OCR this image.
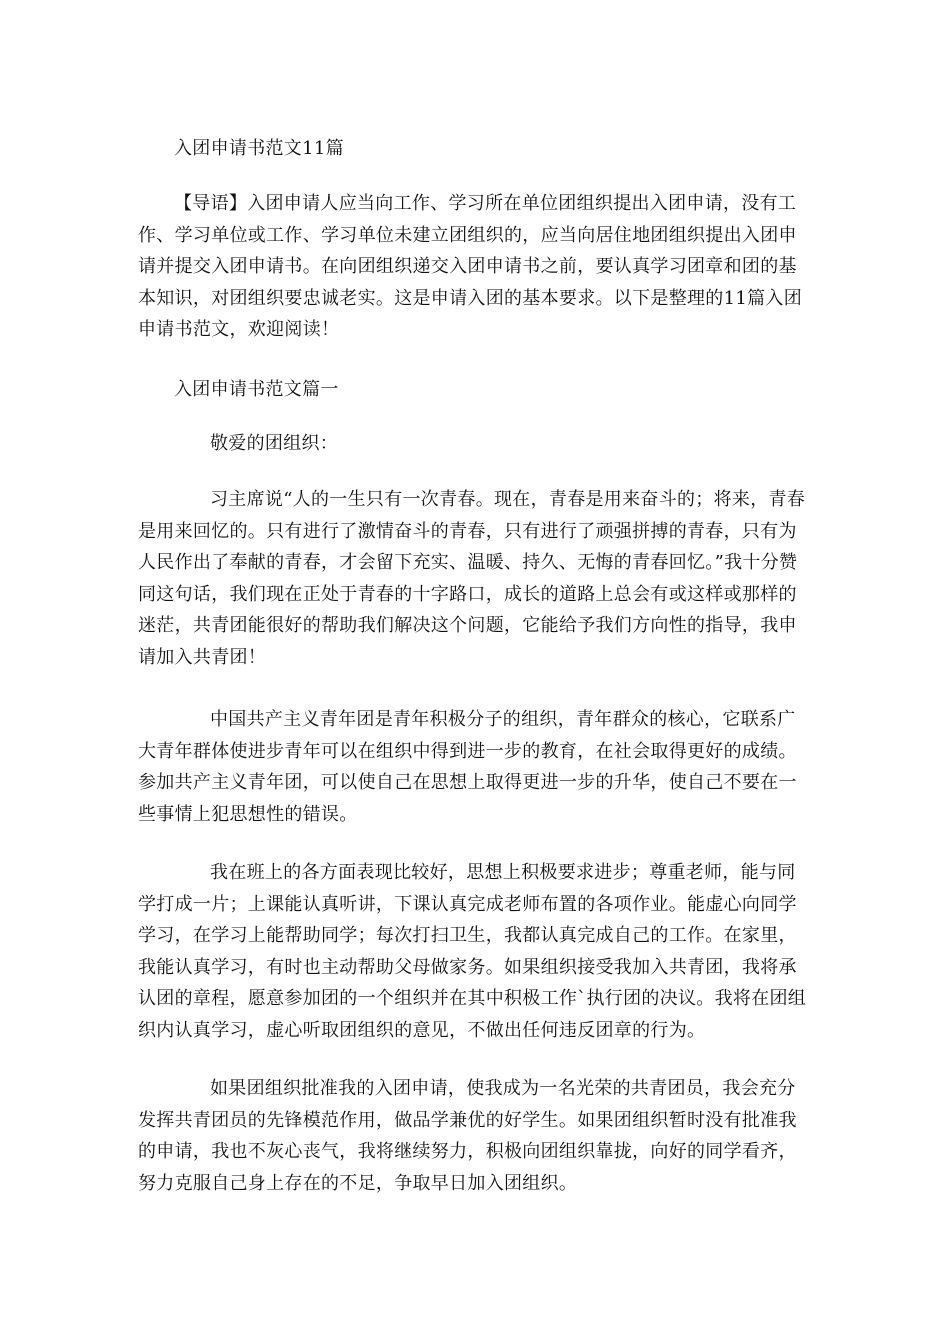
入团申请书范文11篇

【导语】入团申请人应当向工作、学习所在单位团组织提出入团申请，没有工作、学习单位或工作、学习单位未建立团组织的，应当向居住地团组织提出入团申请并提交入团申请书。在向团组织递交入团申请书之前，要认真学习团章和团的基本知识，对团组织要忠诚老实。这是申请入团的基本要求。以下是整理的11篇入团申请书范文，欢迎阅读！

入团申请书范文篇一

敬爱的团组织：

习主席说“人的一生只有一次青春。现在，青春是用来奋斗的；将来，青春是用来回忆的。只有进行了激情奋斗的青春，只有进行了顽强拼搏的青春，只有为人民作出了奉献的青春，才会留下充实、温暖、持久、无悔的青春回忆。”我十分赞同这句话，我们现在正处于青春的十字路口，成长的道路上总会有或这样或那样的迷茫，共青团能很好的帮助我们解决这个问题，它能给予我们方向性的指导，我申请加入共青团！

中国共产主义青年团是青年积极分子的组织，青年群众的核心，它联系广大青年群体使进步青年可以在组织中得到进一步的教育，在社会取得更好的成绩。参加共产主义青年团，可以使自己在思想上取得更进一步的升华，使自己不要在一些事情上犯思想性的错误。

我在班上的各方面表现比较好，思想上积极要求进步；尊重老师，能与同学打成一片；上课能认真听讲，下课认真完成老师布置的各项作业。能虚心向同学学习，在学习上能帮助同学；每次打扫卫生，我都认真完成自己的工作。在家里，我能认真学习，有时也主动帮助父母做家务。如果组织接受我加入共青团，我将承认团的章程，愿意参加团的一个组织并在其中积极工作`执行团的决议。我将在团组织内认真学习，虚心听取团组织的意见，不做出任何违反团章的行为。

如果团组织批准我的入团申请，使我成为一名光荣的共青团员，我会充分发挥共青团员的先锋模范作用，做品学兼优的好学生。如果团组织暂时没有批准我的申请，我也不灰心丧气，我将继续努力，积极向团组织靠拢，向好的同学看齐，努力克服自己身上存在的不足，争取早日加入团组织。
